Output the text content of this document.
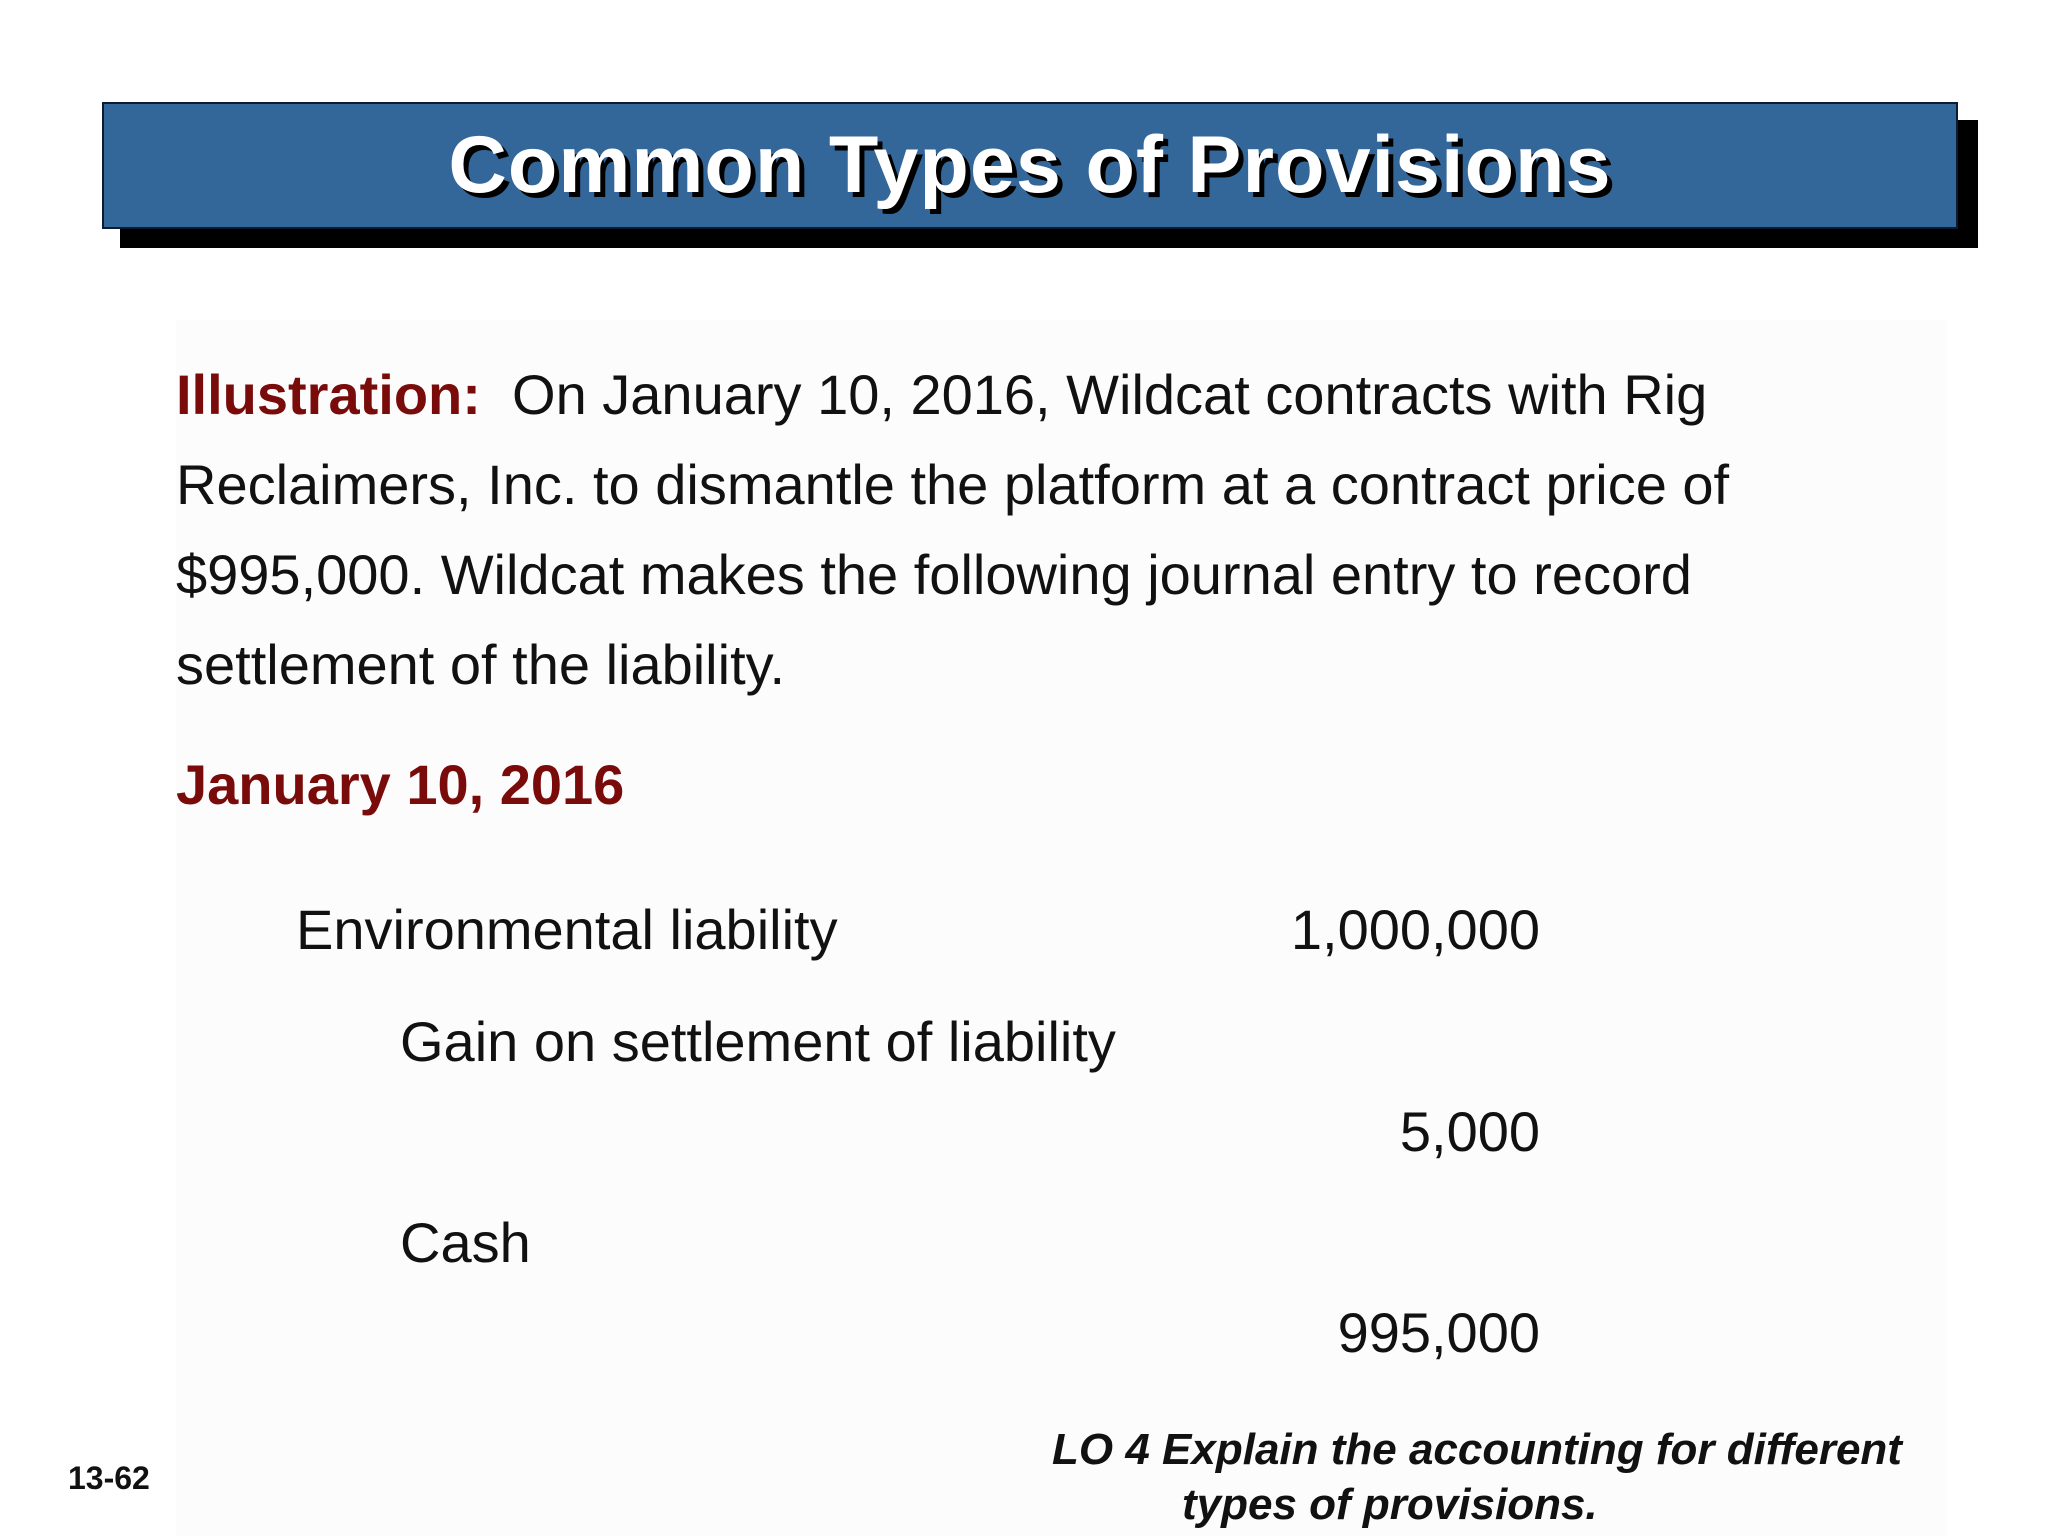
Common Types of Provisions
Illustration: On January 10, 2016, Wildcat contracts with Rig Reclaimers, Inc. to dismantle the platform at a contract price of $995,000. Wildcat makes the following journal entry to record settlement of the liability.
January 10, 2016
Environmental liability	1,000,000
Gain on settlement of liability
5,000
Cash
995,000
13-62
LO 4 Explain the accounting for different
types of provisions.
